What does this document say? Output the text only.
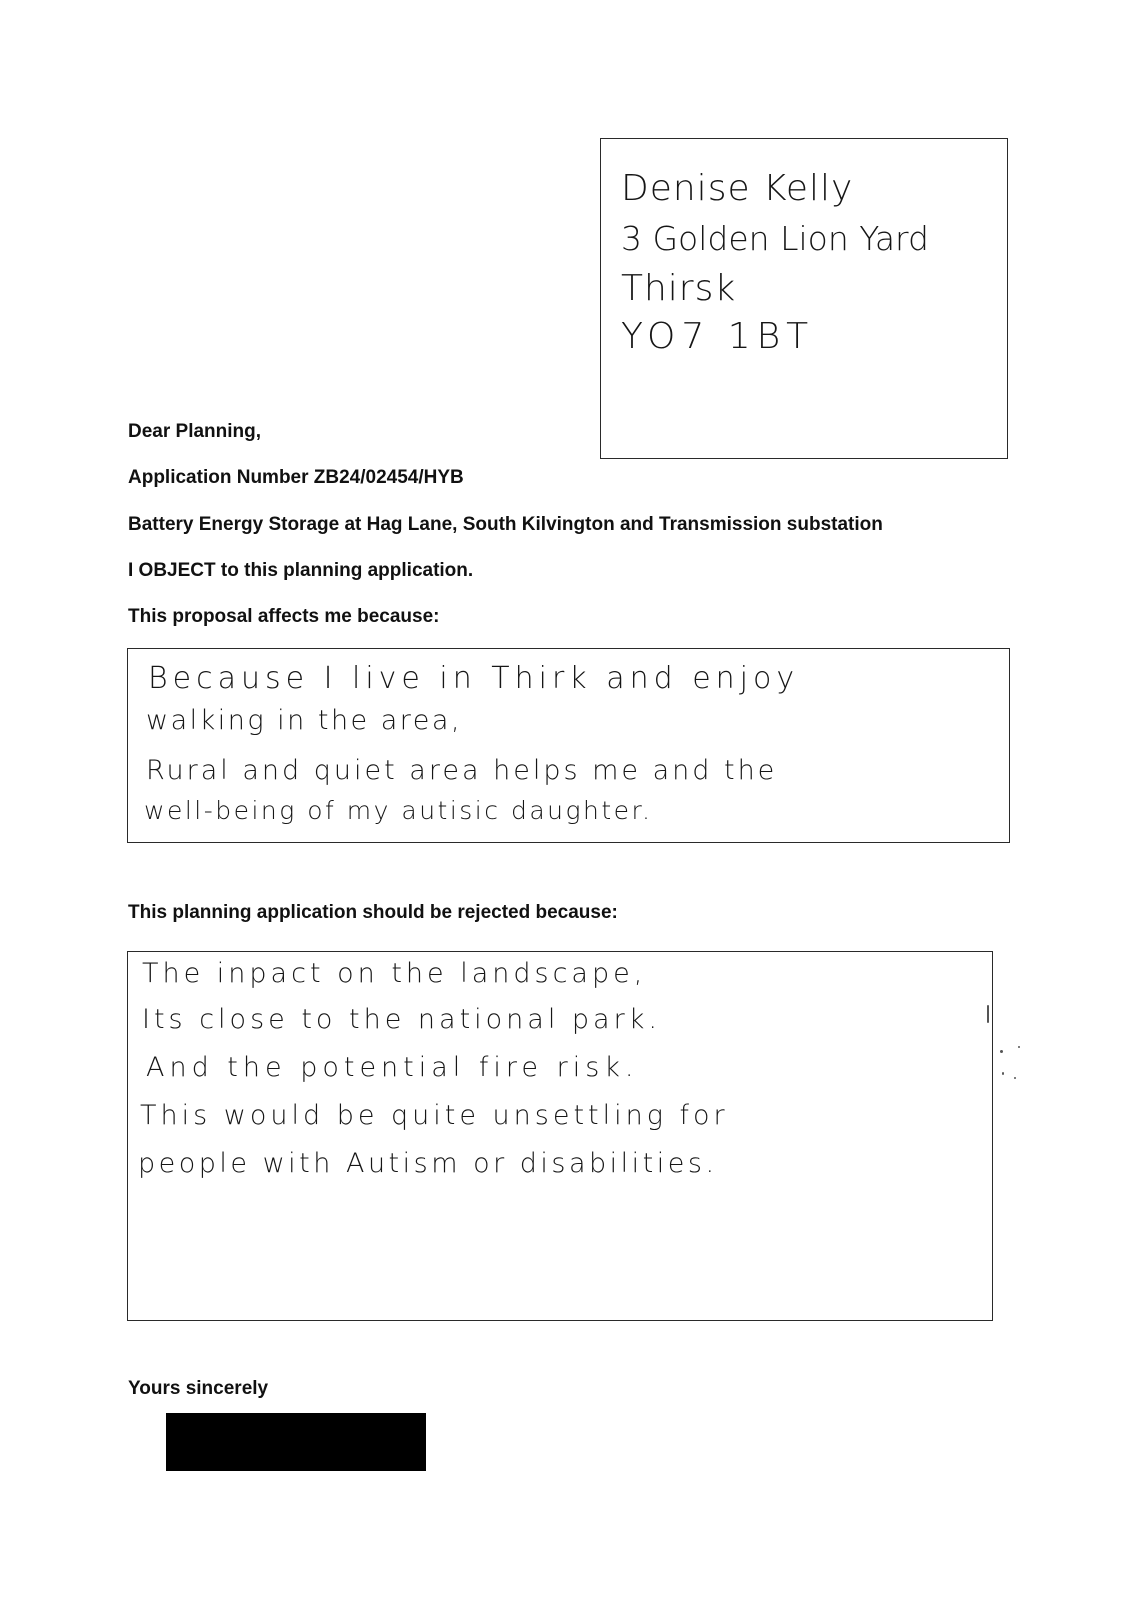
Denise Kelly
3 Golden Lion Yard
Thirsk
YO7 1BT
Dear Planning,
Application Number ZB24/02454/HYB
Battery Energy Storage at Hag Lane, South Kilvington and Transmission substation
I OBJECT to this planning application.
This proposal affects me because:
Because I live in Thirk and enjoy
walking in the area,
Rural and quiet area helps me and the
well-being of my autisic daughter.
This planning application should be rejected because:
The inpact on the landscape,
Its close to the national park.
And the potential fire risk.
This would be quite unsettling for
people with Autism or disabilities.
Yours sincerely
